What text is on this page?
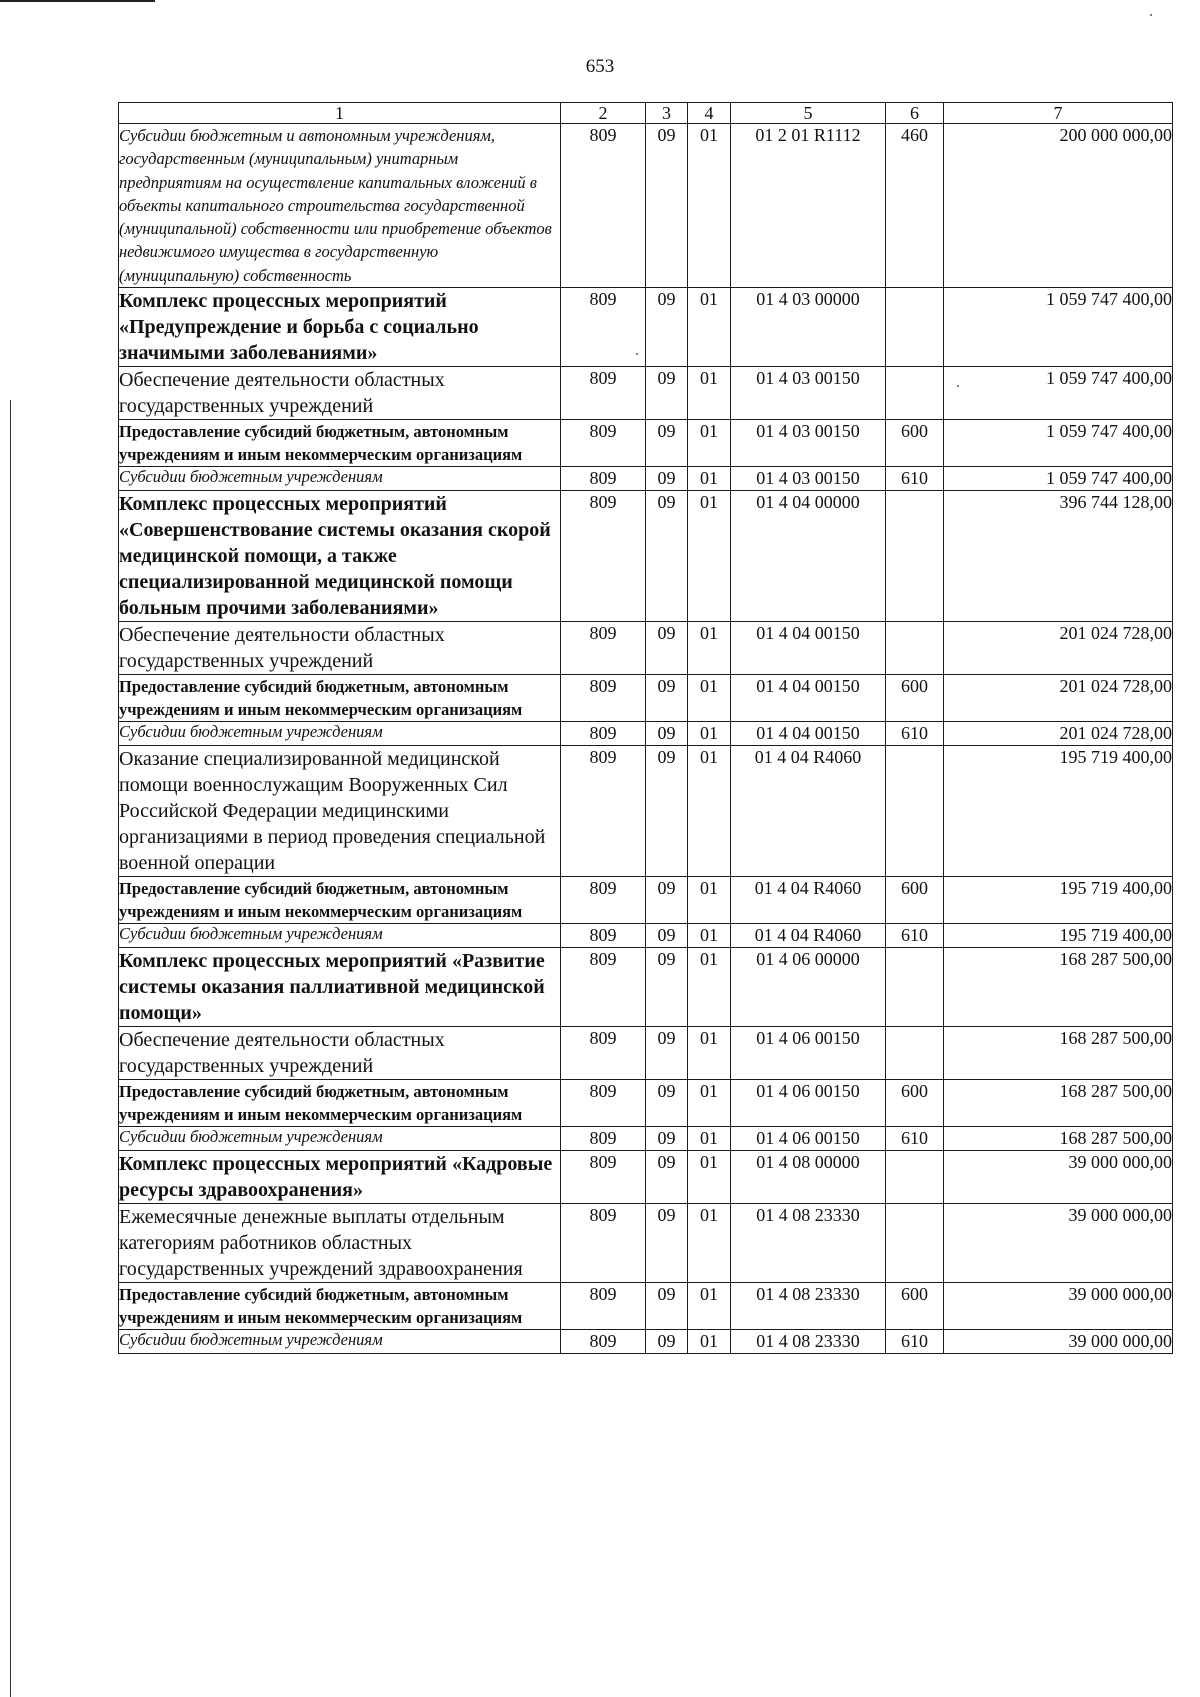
653
1	2	3	4	5	6	7
Субсидии бюджетным и автономным учреждениям, государственным (муниципальным) унитарным предприятиям на осуществление капитальных вложений в объекты капитального строительства государственной (муниципальной) собственности или приобретение объектов недвижимого имущества в государственную (муниципальную) собственность	809	09	01	01 2 01 R1112	460	200 000 000,00
Комплекс процессных мероприятий «Предупреждение и борьба с социально значимыми заболеваниями»	809	09	01	01 4 03 00000		1 059 747 400,00
Обеспечение деятельности областных государственных учреждений	809	09	01	01 4 03 00150		1 059 747 400,00
Предоставление субсидий бюджетным, автономным учреждениям и иным некоммерческим организациям	809	09	01	01 4 03 00150	600	1 059 747 400,00
Субсидии бюджетным учреждениям	809	09	01	01 4 03 00150	610	1 059 747 400,00
Комплекс процессных мероприятий «Совершенствование системы оказания скорой медицинской помощи, а также специализированной медицинской помощи больным прочими заболеваниями»	809	09	01	01 4 04 00000		396 744 128,00
Обеспечение деятельности областных государственных учреждений	809	09	01	01 4 04 00150		201 024 728,00
Предоставление субсидий бюджетным, автономным учреждениям и иным некоммерческим организациям	809	09	01	01 4 04 00150	600	201 024 728,00
Субсидии бюджетным учреждениям	809	09	01	01 4 04 00150	610	201 024 728,00
Оказание специализированной медицинской помощи военнослужащим Вооруженных Сил Российской Федерации медицинскими организациями в период проведения специальной военной операции	809	09	01	01 4 04 R4060		195 719 400,00
Предоставление субсидий бюджетным, автономным учреждениям и иным некоммерческим организациям	809	09	01	01 4 04 R4060	600	195 719 400,00
Субсидии бюджетным учреждениям	809	09	01	01 4 04 R4060	610	195 719 400,00
Комплекс процессных мероприятий «Развитие системы оказания паллиативной медицинской помощи»	809	09	01	01 4 06 00000		168 287 500,00
Обеспечение деятельности областных государственных учреждений	809	09	01	01 4 06 00150		168 287 500,00
Предоставление субсидий бюджетным, автономным учреждениям и иным некоммерческим организациям	809	09	01	01 4 06 00150	600	168 287 500,00
Субсидии бюджетным учреждениям	809	09	01	01 4 06 00150	610	168 287 500,00
Комплекс процессных мероприятий «Кадровые ресурсы здравоохранения»	809	09	01	01 4 08 00000		39 000 000,00
Ежемесячные денежные выплаты отдельным категориям работников областных государственных учреждений здравоохранения	809	09	01	01 4 08 23330		39 000 000,00
Предоставление субсидий бюджетным, автономным учреждениям и иным некоммерческим организациям	809	09	01	01 4 08 23330	600	39 000 000,00
Субсидии бюджетным учреждениям	809	09	01	01 4 08 23330	610	39 000 000,00
